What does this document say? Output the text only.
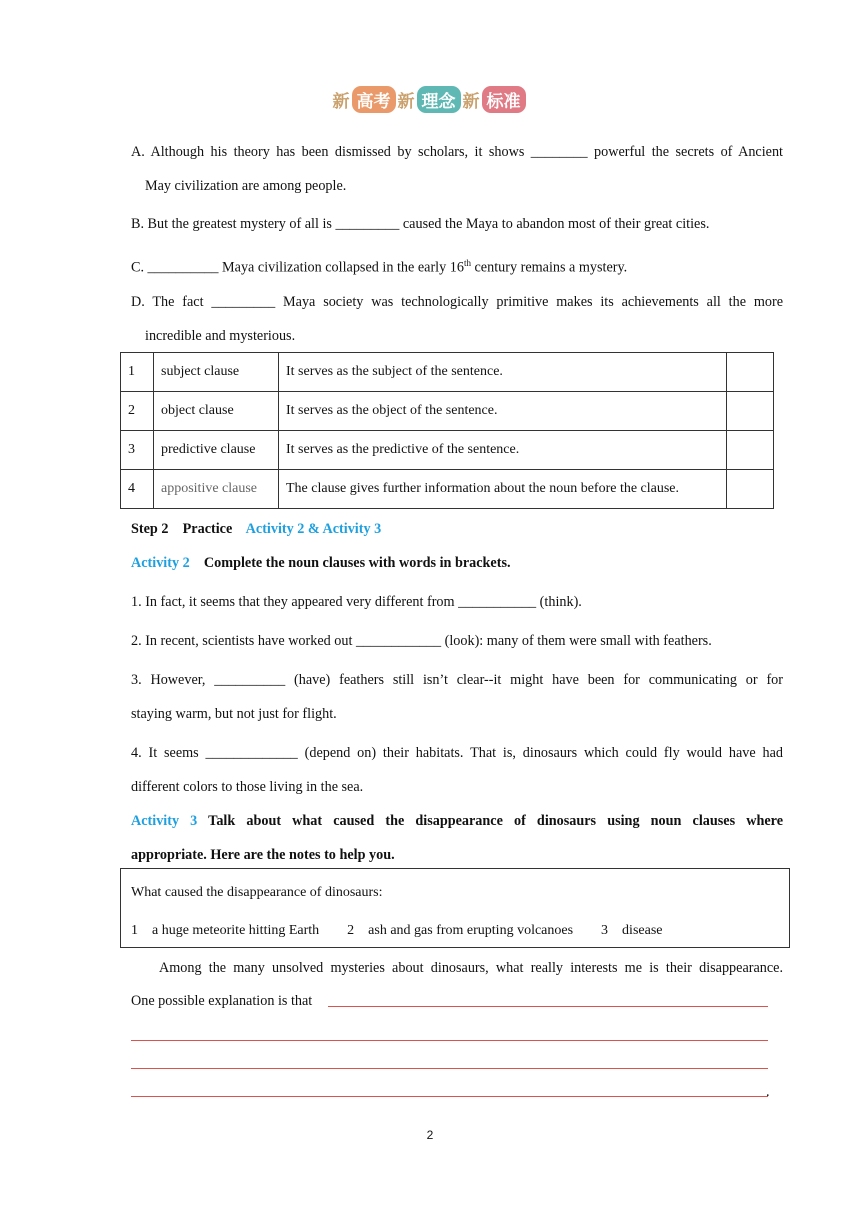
新 高考 新 理念 新 标准
A. Although his theory has been dismissed by scholars, it shows ________ powerful the secrets of Ancient
May civilization are among people.
B. But the greatest mystery of all is _________ caused the Maya to abandon most of their great cities.
C. __________ Maya civilization collapsed in the early 16th century remains a mystery.
D. The fact _________ Maya society was technologically primitive makes its achievements all the more
incredible and mysterious.
1	subject clause	It serves as the subject of the sentence.	
2	object clause	It serves as the object of the sentence.	
3	predictive clause	It serves as the predictive of the sentence.	
4	appositive clause	The clause gives further information about the noun before the clause.	
Step 2    Practice Activity 2 & Activity 3
Activity 2 Complete the noun clauses with words in brackets.
1. In fact, it seems that they appeared very different from ___________ (think).
2. In recent, scientists have worked out ____________ (look): many of them were small with feathers.
3. However, __________ (have) feathers still isn’t clear--it might have been for communicating or for
staying warm, but not just for flight.
4. It seems _____________ (depend on) their habitats. That is, dinosaurs which could fly would have had
different colors to those living in the sea.
Activity 3 Talk about what caused the disappearance of dinosaurs using noun clauses where
appropriate. Here are the notes to help you.
What caused the disappearance of dinosaurs:
1    a huge meteorite hitting Earth        2    ash and gas from erupting volcanoes        3    disease
Among the many unsolved mysteries about dinosaurs, what really interests me is their disappearance.
One possible explanation is that
.
2
